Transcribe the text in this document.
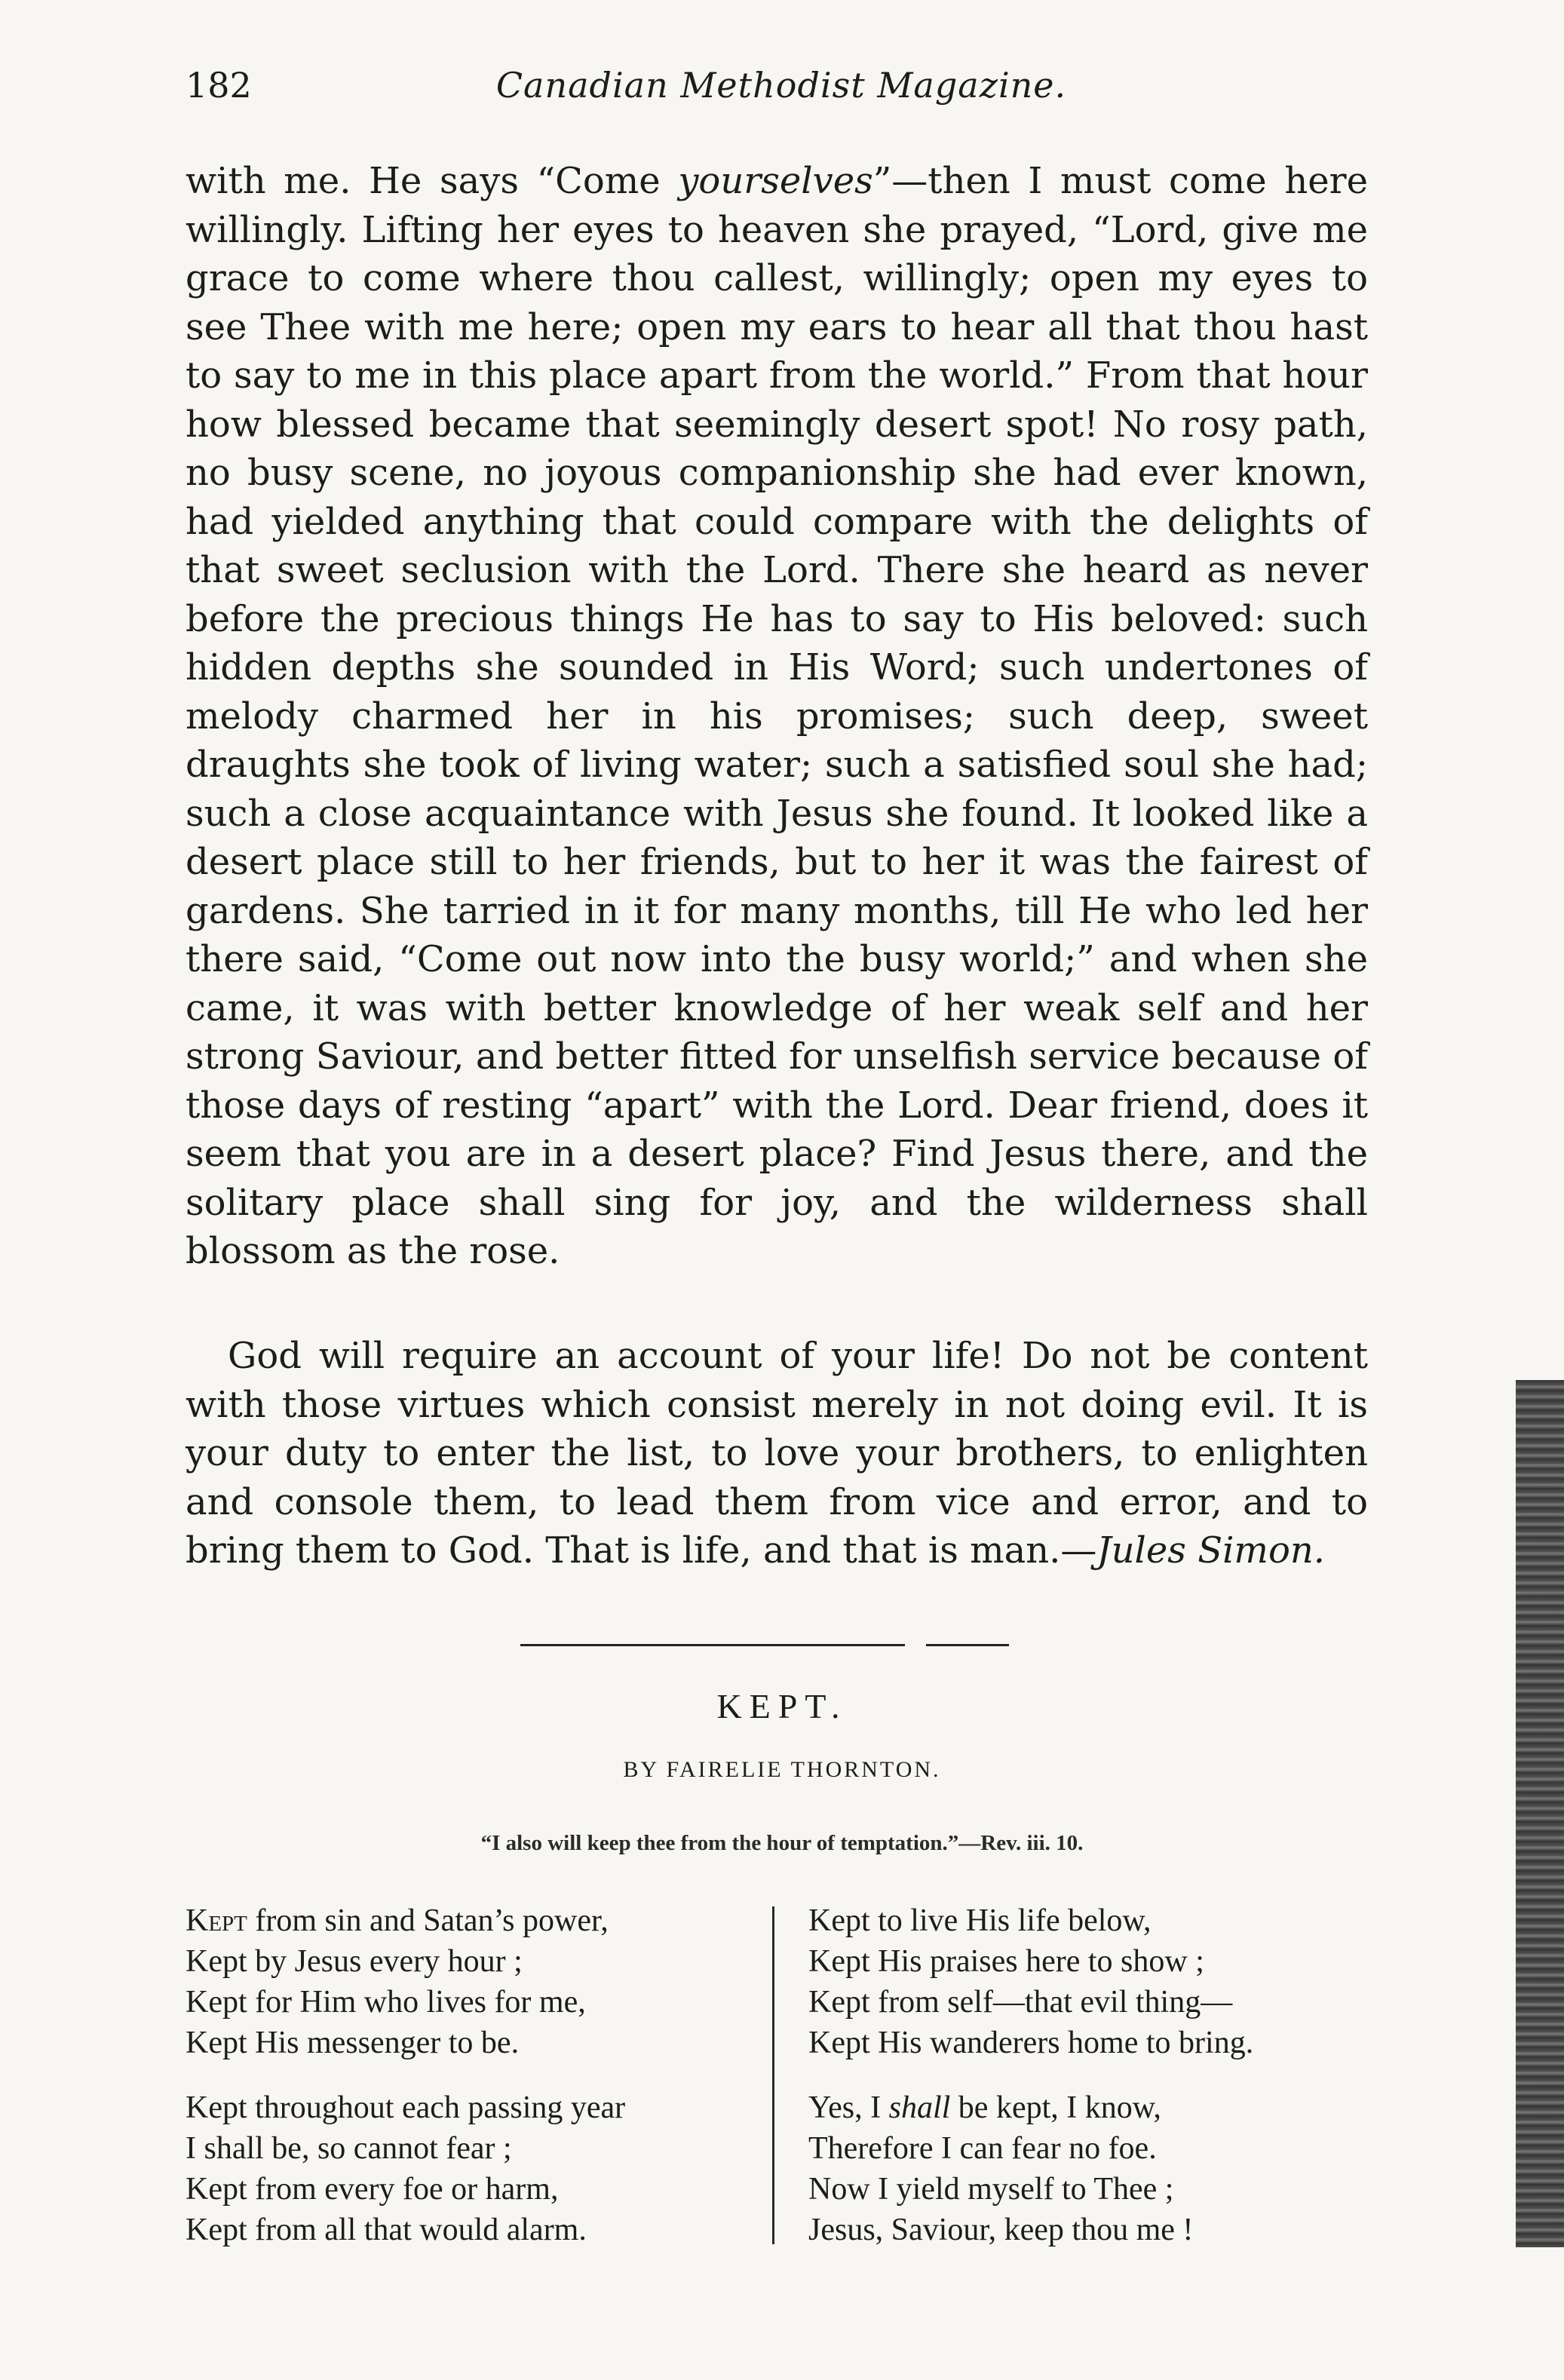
182	Canadian Methodist Magazine.

with me. He says “Come yourselves”—then I must come here willingly. Lifting her eyes to heaven she prayed, “Lord, give me grace to come where thou callest, willingly; open my eyes to see Thee with me here; open my ears to hear all that thou hast to say to me in this place apart from the world.” From that hour how blessed became that seemingly desert spot! No rosy path, no busy scene, no joyous companionship she had ever known, had yielded anything that could compare with the delights of that sweet seclusion with the Lord. There she heard as never before the precious things He has to say to His beloved: such hidden depths she sounded in His Word; such undertones of melody charmed her in his promises; such deep, sweet draughts she took of living water; such a satisfied soul she had; such a close acquaintance with Jesus she found. It looked like a desert place still to her friends, but to her it was the fairest of gardens. She tarried in it for many months, till He who led her there said, “Come out now into the busy world;” and when she came, it was with better knowledge of her weak self and her strong Saviour, and better fitted for unselfish service because of those days of resting “apart” with the Lord. Dear friend, does it seem that you are in a desert place? Find Jesus there, and the solitary place shall sing for joy, and the wilderness shall blossom as the rose.

God will require an account of your life! Do not be content with those virtues which consist merely in not doing evil. It is your duty to enter the list, to love your brothers, to enlighten and console them, to lead them from vice and error, and to bring them to God. That is life, and that is man.—Jules Simon.

KEPT.
BY FAIRELIE THORNTON.
“I also will keep thee from the hour of temptation.”—Rev. iii. 10.
Kept from sin and Satan’s power,
Kept by Jesus every hour ;
Kept for Him who lives for me,
Kept His messenger to be.
Kept throughout each passing year
I shall be, so cannot fear ;
Kept from every foe or harm,
Kept from all that would alarm.
Kept to live His life below,
Kept His praises here to show ;
Kept from self—that evil thing—
Kept His wanderers home to bring.
Yes, I shall be kept, I know,
Therefore I can fear no foe.
Now I yield myself to Thee ;
Jesus, Saviour, keep thou me !
